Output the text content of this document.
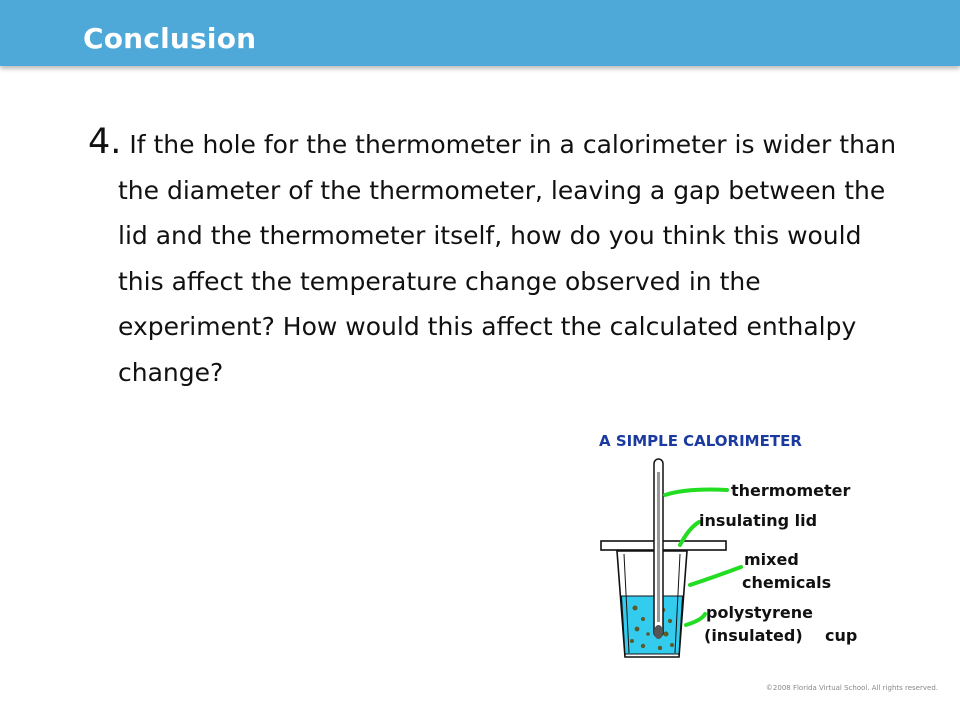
Conclusion
4. If the hole for the thermometer in a calorimeter is wider than the diameter of the thermometer, leaving a gap between the lid and the thermometer itself, how do you think this would this affect the temperature change observed in the experiment? How would this affect the calculated enthalpy change?
A SIMPLE CALORIMETER
thermometer
insulating lid
mixed
chemicals
polystyrene
(insulated) cup
©2008 Florida Virtual School. All rights reserved.
